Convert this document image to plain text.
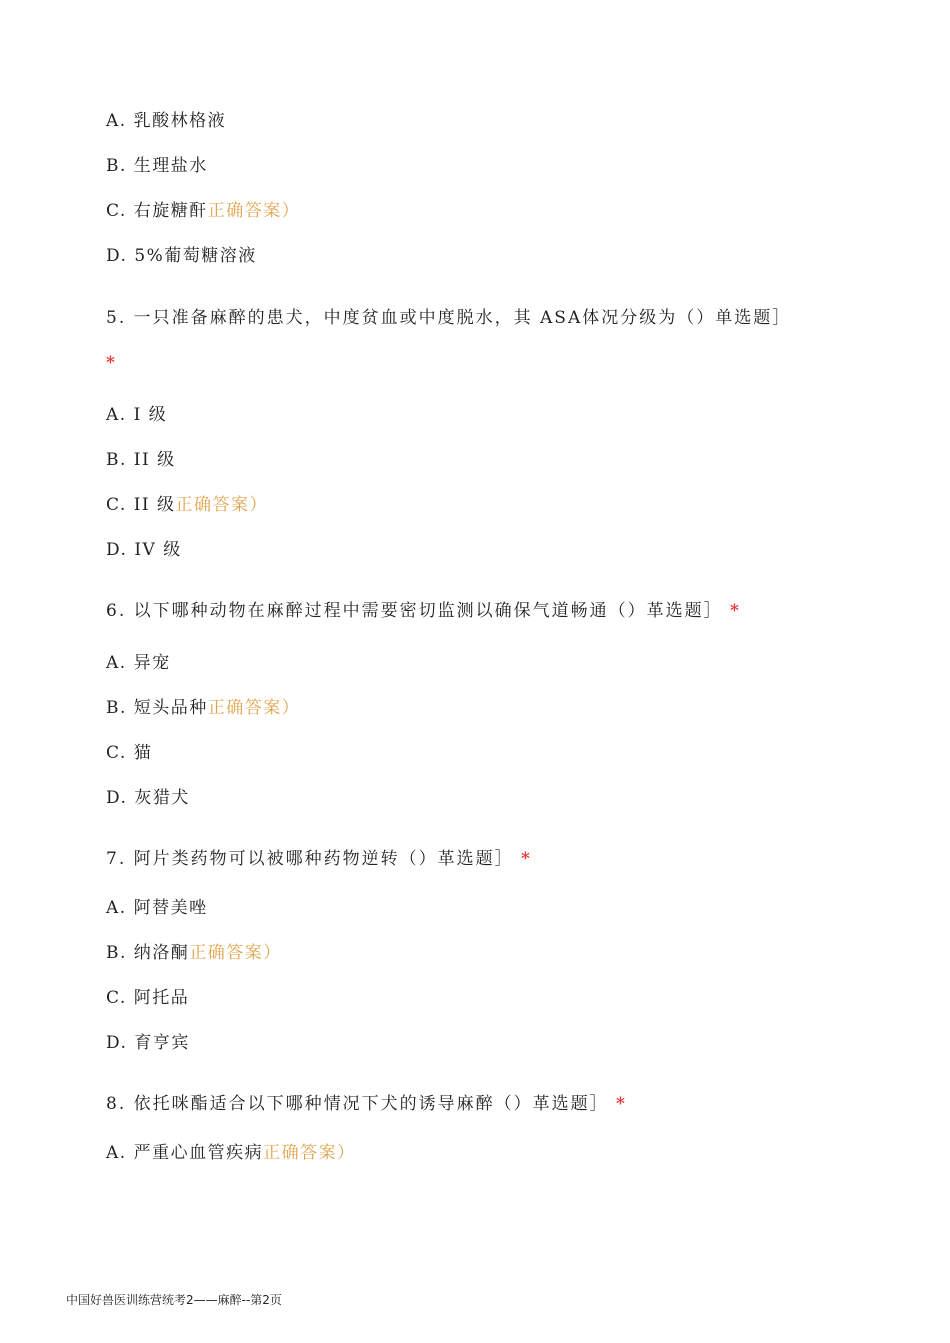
A. 乳酸林格液
B. 生理盐水
C. 右旋糖酐正确答案）
D. 5%葡萄糖溶液
5. 一只准备麻醉的患犬，中度贫血或中度脱水，其 ASA体况分级为（）单选题］
*
A. I 级
B. II 级
C. II 级正确答案）
D. IV 级
6. 以下哪种动物在麻醉过程中需要密切监测以确保气道畅通（）革选题］ *
A. 异宠
B. 短头品种正确答案）
C. 猫
D. 灰猎犬
7. 阿片类药物可以被哪种药物逆转（）革选题］ *
A. 阿替美唑
B. 纳洛酮正确答案）
C. 阿托品
D. 育亨宾
8. 依托咪酯适合以下哪种情况下犬的诱导麻醉（）革选题］ *
A. 严重心血管疾病正确答案）
中国好兽医训练营统考2——麻醉--第2页
